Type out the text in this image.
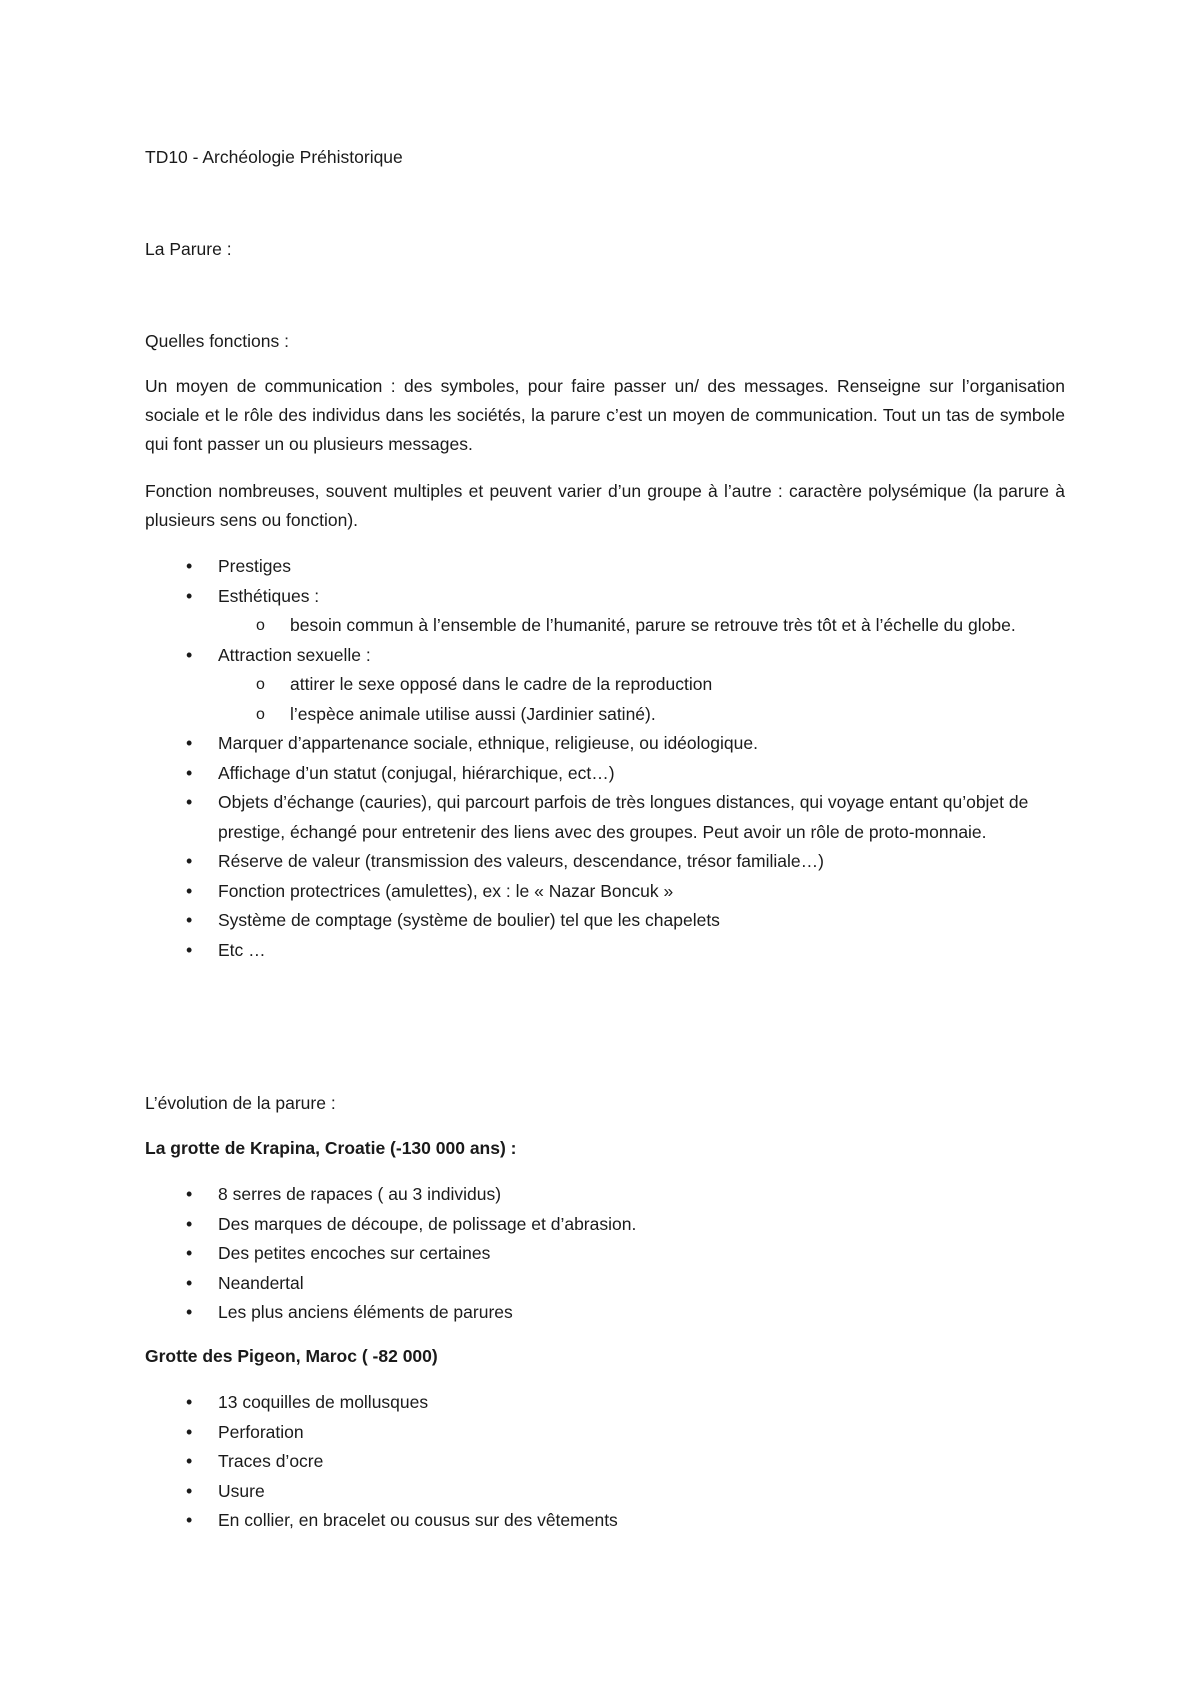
TD10 - Archéologie Préhistorique

La Parure :

Quelles fonctions :

Un moyen de communication : des symboles, pour faire passer un/ des messages. Renseigne sur l’organisation sociale et le rôle des individus dans les sociétés, la parure c’est un moyen de communication. Tout un tas de symbole qui font passer un ou plusieurs messages.

Fonction nombreuses, souvent multiples et peuvent varier d’un groupe à l’autre : caractère polysémique (la parure à plusieurs sens ou fonction).

• Prestiges
• Esthétiques :
o besoin commun à l’ensemble de l’humanité, parure se retrouve très tôt et à l’échelle du globe.
• Attraction sexuelle :
o attirer le sexe opposé dans le cadre de la reproduction
o l’espèce animale utilise aussi (Jardinier satiné).
• Marquer d’appartenance sociale, ethnique, religieuse, ou idéologique.
• Affichage d’un statut (conjugal, hiérarchique, ect…)
• Objets d’échange (cauries), qui parcourt parfois de très longues distances, qui voyage entant qu’objet de prestige, échangé pour entretenir des liens avec des groupes. Peut avoir un rôle de proto-monnaie.
• Réserve de valeur (transmission des valeurs, descendance, trésor familiale…)
• Fonction protectrices (amulettes), ex : le « Nazar Boncuk »
• Système de comptage (système de boulier) tel que les chapelets
• Etc …

L’évolution de la parure :

La grotte de Krapina, Croatie (-130 000 ans) :

• 8 serres de rapaces ( au 3 individus)
• Des marques de découpe, de polissage et d’abrasion.
• Des petites encoches sur certaines
• Neandertal
• Les plus anciens éléments de parures

Grotte des Pigeon, Maroc ( -82 000)

• 13 coquilles de mollusques
• Perforation
• Traces d’ocre
• Usure
• En collier, en bracelet ou cousus sur des vêtements
